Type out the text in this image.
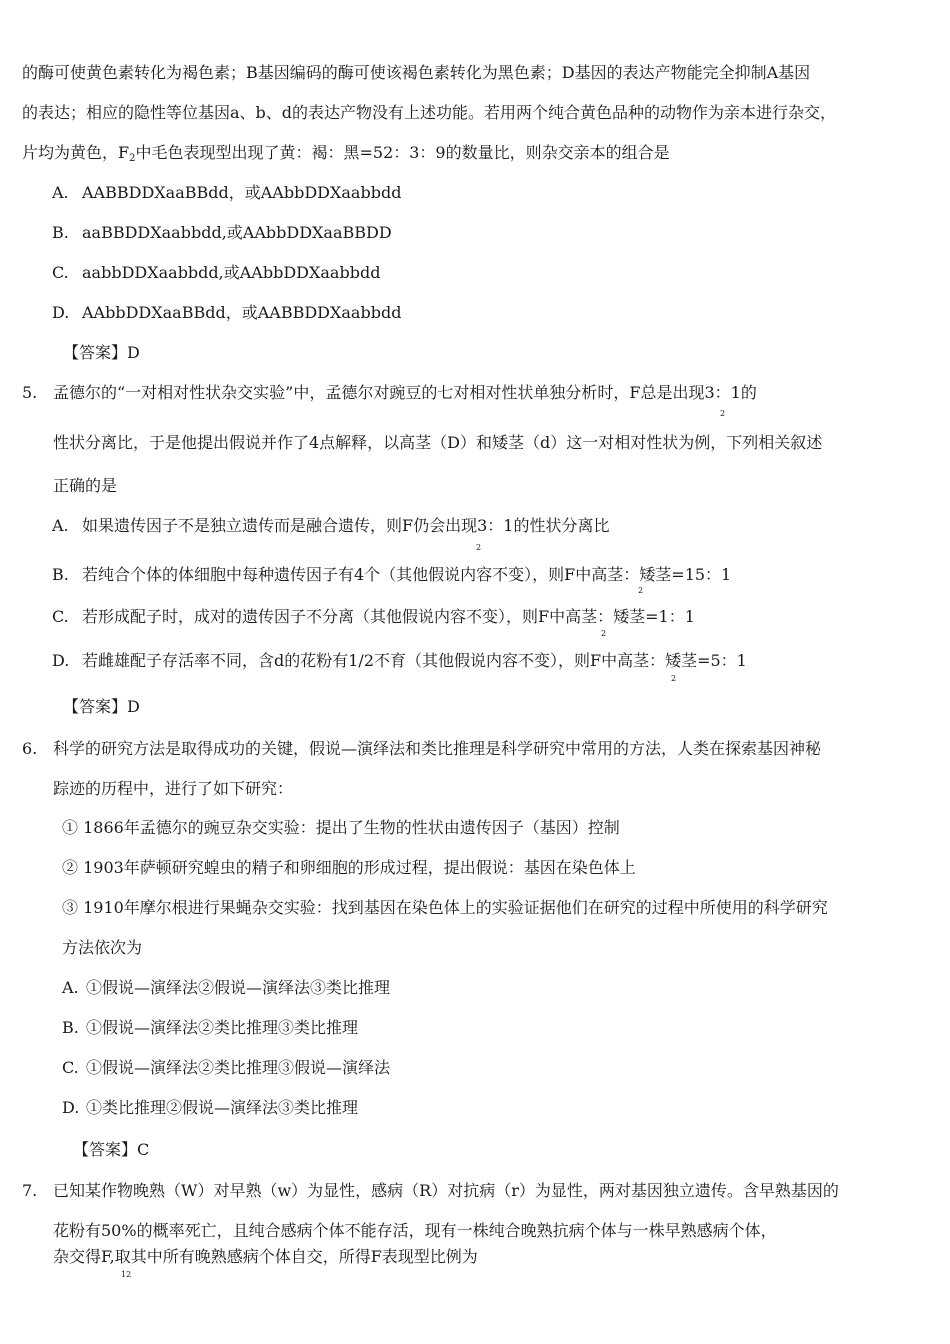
的酶可使黄色素转化为褐色素；B基因编码的酶可使该褐色素转化为黑色素；D基因的表达产物能完全抑制A基因
的表达；相应的隐性等位基因a、b、d的表达产物没有上述功能。若用两个纯合黄色品种的动物作为亲本进行杂交，
片均为黄色，$F_2$中毛色表现型出现了黄：褐：黑=52：3：9的数量比，则杂交亲本的组合是
A. AABBDDXaaBBdd，或AAbbDDXaabbdd
B. aaBBDDXaabbdd,或AAbbDDXaaBBDD
C. aabbDDXaabbdd,或AAbbDDXaabbdd
D. AAbbDDXaaBBdd，或AABBDDXaabbdd
【答案】D
5. 孟德尔的“一对相对性状杂交实验”中，孟德尔对豌豆的七对相对性状单独分析时，F总是出现3：1的
2
性状分离比，于是他提出假说并作了4点解释，以高茎（D）和矮茎（d）这一对相对性状为例，下列相关叙述
正确的是
A. 如果遗传因子不是独立遗传而是融合遗传，则F仍会出现3：1的性状分离比
2
B. 若纯合个体的体细胞中每种遗传因子有4个（其他假说内容不变），则F中高茎：矮茎=15：1
2
C. 若形成配子时，成对的遗传因子不分离（其他假说内容不变），则F中高茎：矮茎=1：1
2
D. 若雌雄配子存活率不同，含d的花粉有1/2不育（其他假说内容不变），则F中高茎：矮茎=5：1
2
【答案】D
6. 科学的研究方法是取得成功的关键，假说—演绎法和类比推理是科学研究中常用的方法，人类在探索基因神秘
踪迹的历程中，进行了如下研究：
① 1866年孟德尔的豌豆杂交实验：提出了生物的性状由遗传因子（基因）控制
② 1903年萨顿研究蝗虫的精子和卵细胞的形成过程，提出假说：基因在染色体上
③ 1910年摩尔根进行果蝇杂交实验：找到基因在染色体上的实验证据他们在研究的过程中所使用的科学研究
方法依次为
A. ①假说—演绎法②假说—演绎法③类比推理
B. ①假说—演绎法②类比推理③类比推理
C. ①假说—演绎法②类比推理③假说—演绎法
D. ①类比推理②假说—演绎法③类比推理
【答案】C
7. 已知某作物晚熟（W）对早熟（w）为显性，感病（R）对抗病（r）为显性，两对基因独立遗传。含早熟基因的
花粉有50%的概率死亡，且纯合感病个体不能存活，现有一株纯合晚熟抗病个体与一株早熟感病个体，
杂交得F,取其中所有晚熟感病个体自交，所得F表现型比例为
12
